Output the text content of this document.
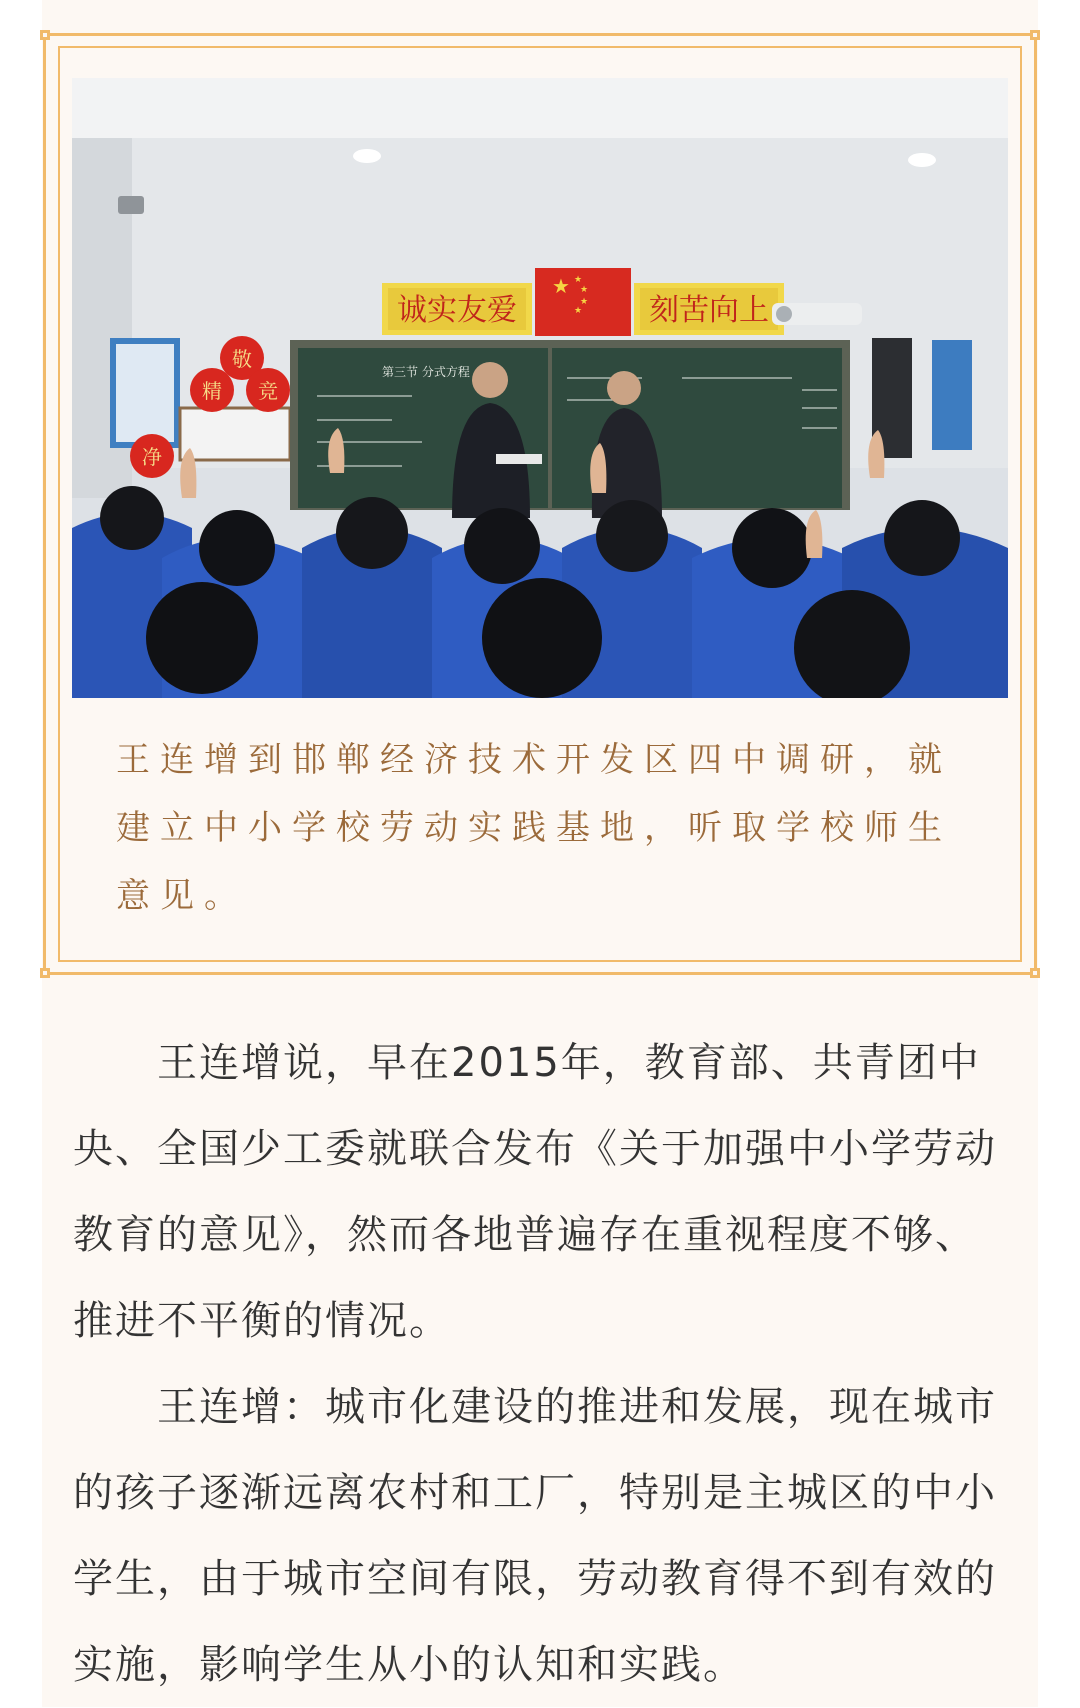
诚实友爱
★ ★
★
★
★ 刻苦向上
敬
精 竞
净
第三节 分式方程

王连增到邯郸经济技术开发区四中调研，就建立中小学校劳动实践基地，听取学校师生意见。

王连增说，早在2015年，教育部、共青团中央、全国少工委就联合发布《关于加强中小学劳动教育的意见》，然而各地普遍存在重视程度不够、推进不平衡的情况。

王连增：城市化建设的推进和发展，现在城市的孩子逐渐远离农村和工厂，特别是主城区的中小学生，由于城市空间有限，劳动教育得不到有效的实施，影响学生从小的认知和实践。
